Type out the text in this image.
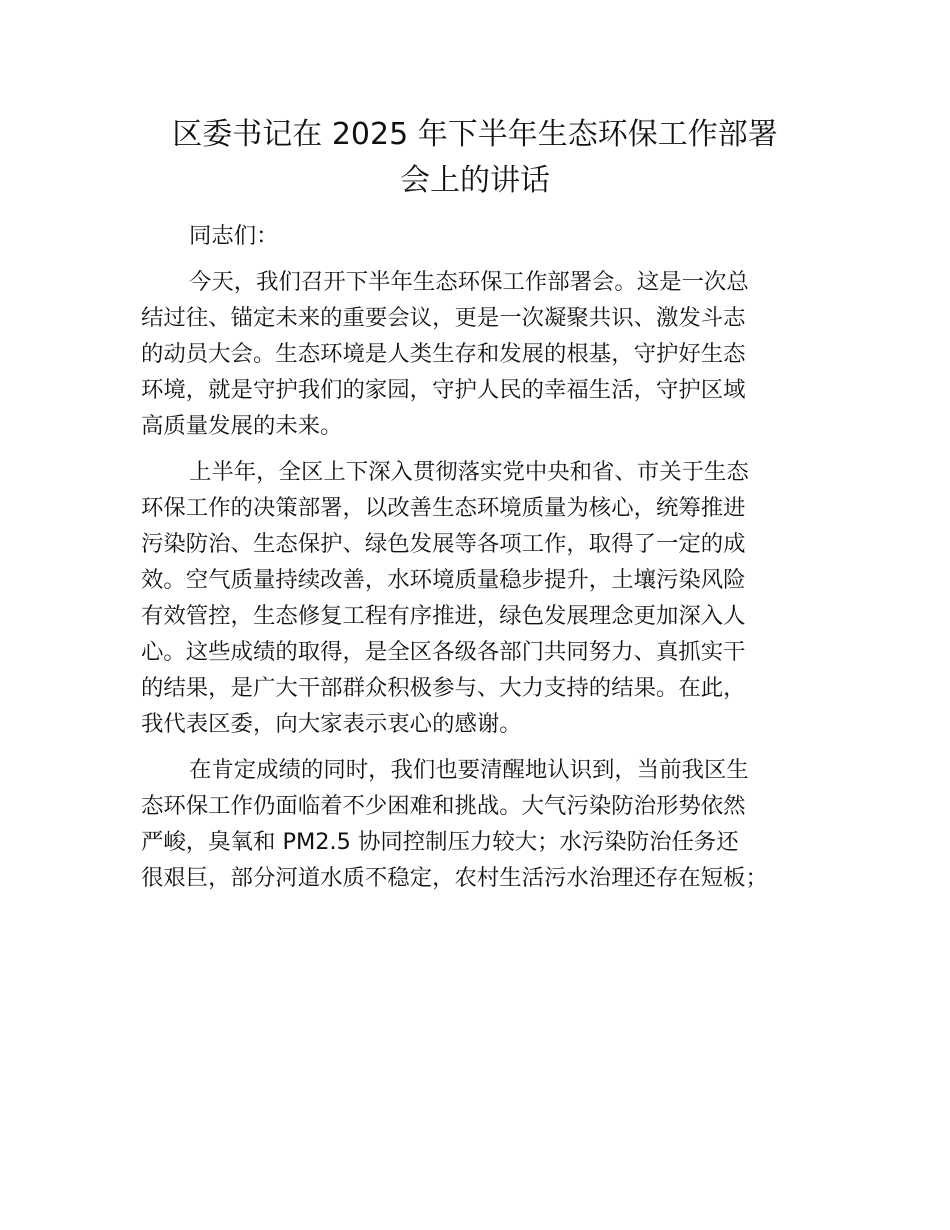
区委书记在 2025 年下半年生态环保工作部署
会上的讲话

同志们：

今天，我们召开下半年生态环保工作部署会。这是一次总
结过往、锚定未来的重要会议，更是一次凝聚共识、激发斗志
的动员大会。生态环境是人类生存和发展的根基，守护好生态
环境，就是守护我们的家园，守护人民的幸福生活，守护区域
高质量发展的未来。

上半年，全区上下深入贯彻落实党中央和省、市关于生态
环保工作的决策部署，以改善生态环境质量为核心，统筹推进
污染防治、生态保护、绿色发展等各项工作，取得了一定的成
效。空气质量持续改善，水环境质量稳步提升，土壤污染风险
有效管控，生态修复工程有序推进，绿色发展理念更加深入人
心。这些成绩的取得，是全区各级各部门共同努力、真抓实干
的结果，是广大干部群众积极参与、大力支持的结果。在此，
我代表区委，向大家表示衷心的感谢。

在肯定成绩的同时，我们也要清醒地认识到，当前我区生
态环保工作仍面临着不少困难和挑战。大气污染防治形势依然
严峻，臭氧和 PM2.5 协同控制压力较大；水污染防治任务还
很艰巨，部分河道水质不稳定，农村生活污水治理还存在短板；
